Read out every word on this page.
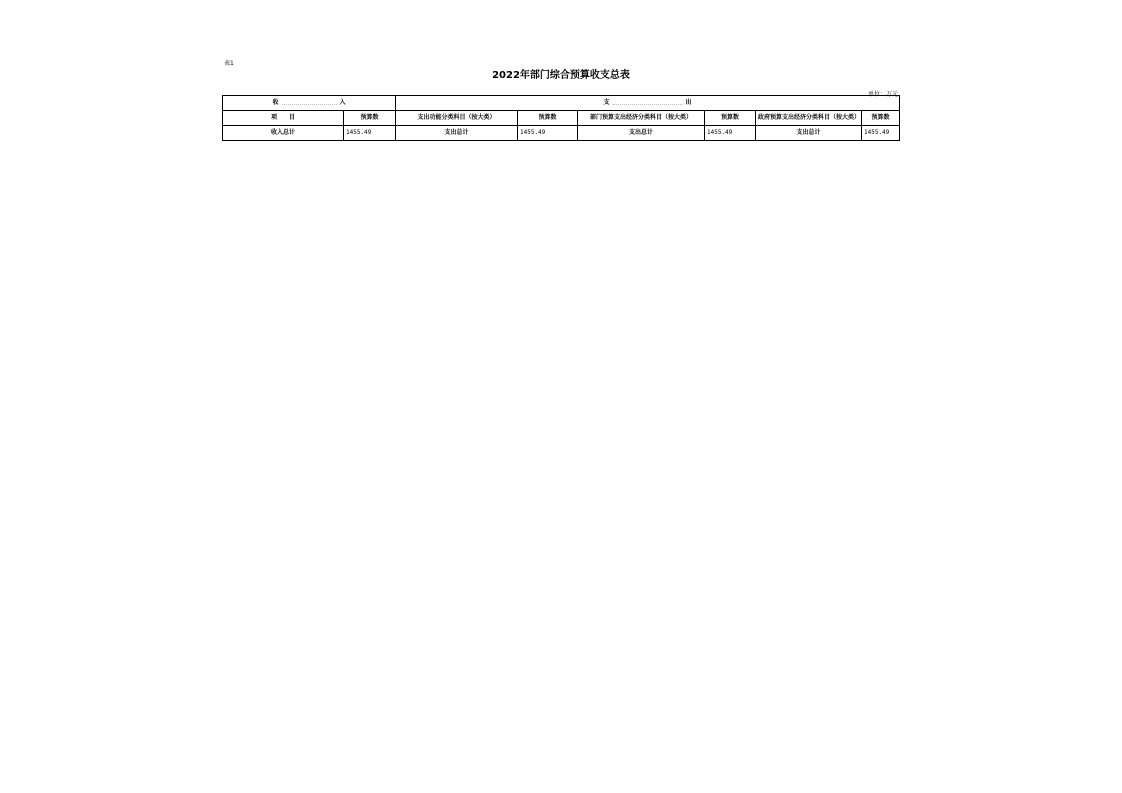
表1
2022年部门综合预算收支总表
单位：万元
收 入		支 出					
项　　目	预算数	支出功能分类科目（按大类）	预算数	部门预算支出经济分类科目（按大类）	预算数	政府预算支出经济分类科目（按大类）	预算数
收入总计	1455.49	支出总计	1455.49	支出总计	1455.49	支出总计	1455.49
